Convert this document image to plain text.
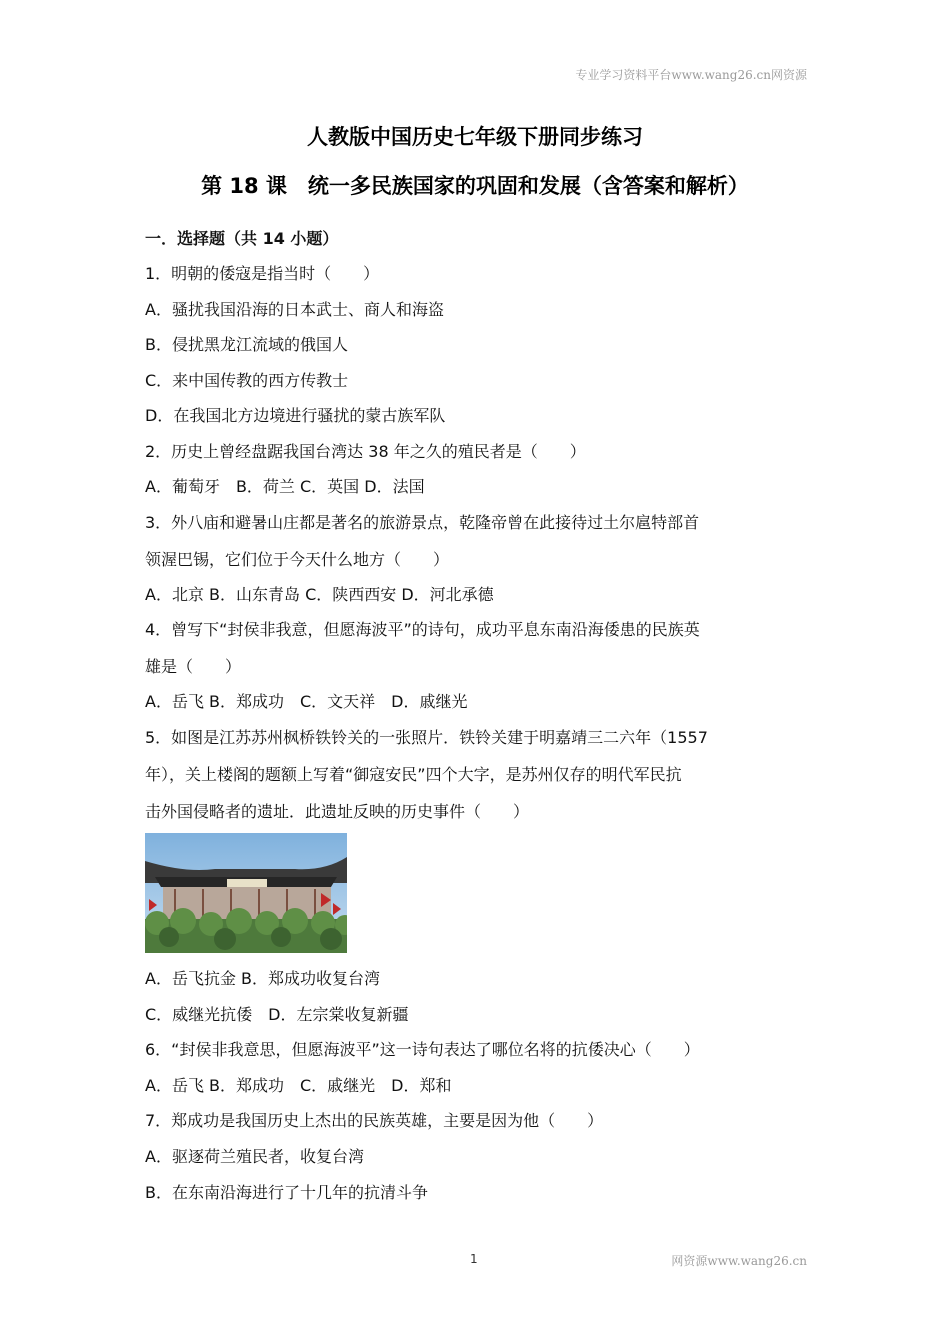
专业学习资料平台www.wang26.cn网资源
人教版中国历史七年级下册同步练习
第 18 课　统一多民族国家的巩固和发展（含答案和解析）
一．选择题（共 14 小题）
1．明朝的倭寇是指当时（　　）
A．骚扰我国沿海的日本武士、商人和海盗
B．侵扰黑龙江流域的俄国人
C．来中国传教的西方传教士
D．在我国北方边境进行骚扰的蒙古族军队
2．历史上曾经盘踞我国台湾达 38 年之久的殖民者是（　　）
A．葡萄牙　B．荷兰 C．英国 D．法国
3．外八庙和避暑山庄都是著名的旅游景点，乾隆帝曾在此接待过土尔扈特部首
领渥巴锡，它们位于今天什么地方（　　）
A．北京 B．山东青岛 C．陕西西安 D．河北承德
4．曾写下“封侯非我意，但愿海波平”的诗句，成功平息东南沿海倭患的民族英
雄是（　　）
A．岳飞 B．郑成功　C．文天祥　D．戚继光
5．如图是江苏苏州枫桥铁铃关的一张照片．铁铃关建于明嘉靖三二六年（1557
年），关上楼阁的题额上写着“御寇安民”四个大字，是苏州仅存的明代军民抗
击外国侵略者的遗址．此遗址反映的历史事件（　　）
A．岳飞抗金 B．郑成功收复台湾
C．威继光抗倭　D．左宗棠收复新疆
6．“封侯非我意思，但愿海波平”这一诗句表达了哪位名将的抗倭决心（　　）
A．岳飞 B．郑成功　C．戚继光　D．郑和
7．郑成功是我国历史上杰出的民族英雄，主要是因为他（　　）
A．驱逐荷兰殖民者，收复台湾
B．在东南沿海进行了十几年的抗清斗争
1	网资源www.wang26.cn
